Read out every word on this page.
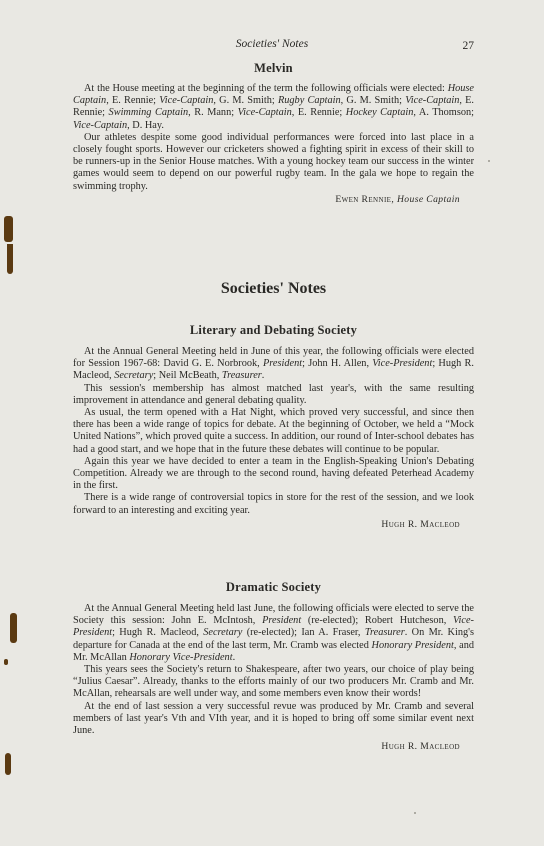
Societies' Notes	27
Melvin

At the House meeting at the beginning of the term the following officials were elected: House Captain, E. Rennie; Vice-Captain, G. M. Smith; Rugby Captain, G. M. Smith; Vice-Captain, E. Rennie; Swimming Captain, R. Mann; Vice-Captain, E. Rennie; Hockey Captain, A. Thomson; Vice-Captain, D. Hay.

Our athletes despite some good individual performances were forced into last place in a closely fought sports. However our cricketers showed a fighting spirit in excess of their skill to be runners-up in the Senior House matches. With a young hockey team our success in the winter games would seem to depend on our powerful rugby team. In the gala we hope to regain the swimming trophy.

Ewen Rennie, House Captain

Societies' Notes
Literary and Debating Society

At the Annual General Meeting held in June of this year, the following officials were elected for Session 1967-68: David G. E. Norbrook, President; John H. Allen, Vice-President; Hugh R. Macleod, Secretary; Neil McBeath, Treasurer.

This session's membership has almost matched last year's, with the same resulting improvement in attendance and general debating quality.

As usual, the term opened with a Hat Night, which proved very successful, and since then there has been a wide range of topics for debate. At the beginning of October, we held a “Mock United Nations”, which proved quite a success. In addition, our round of Inter-school debates has had a good start, and we hope that in the future these debates will continue to be popular.

Again this year we have decided to enter a team in the English-Speaking Union's Debating Competition. Already we are through to the second round, having defeated Peterhead Academy in the first.

There is a wide range of controversial topics in store for the rest of the session, and we look forward to an interesting and exciting year.

Hugh R. Macleod

Dramatic Society

At the Annual General Meeting held last June, the following officials were elected to serve the Society this session: John E. McIntosh, President (re-elected); Robert Hutcheson, Vice-President; Hugh R. Macleod, Secretary (re-elected); Ian A. Fraser, Treasurer. On Mr. King's departure for Canada at the end of the last term, Mr. Cramb was elected Honorary President, and Mr. McAllan Honorary Vice-President.

This years sees the Society's return to Shakespeare, after two years, our choice of play being “Julius Caesar”. Already, thanks to the efforts mainly of our two producers Mr. Cramb and Mr. McAllan, rehearsals are well under way, and some members even know their words!

At the end of last session a very successful revue was produced by Mr. Cramb and several members of last year's Vth and VIth year, and it is hoped to bring off some similar event next June.

Hugh R. Macleod
